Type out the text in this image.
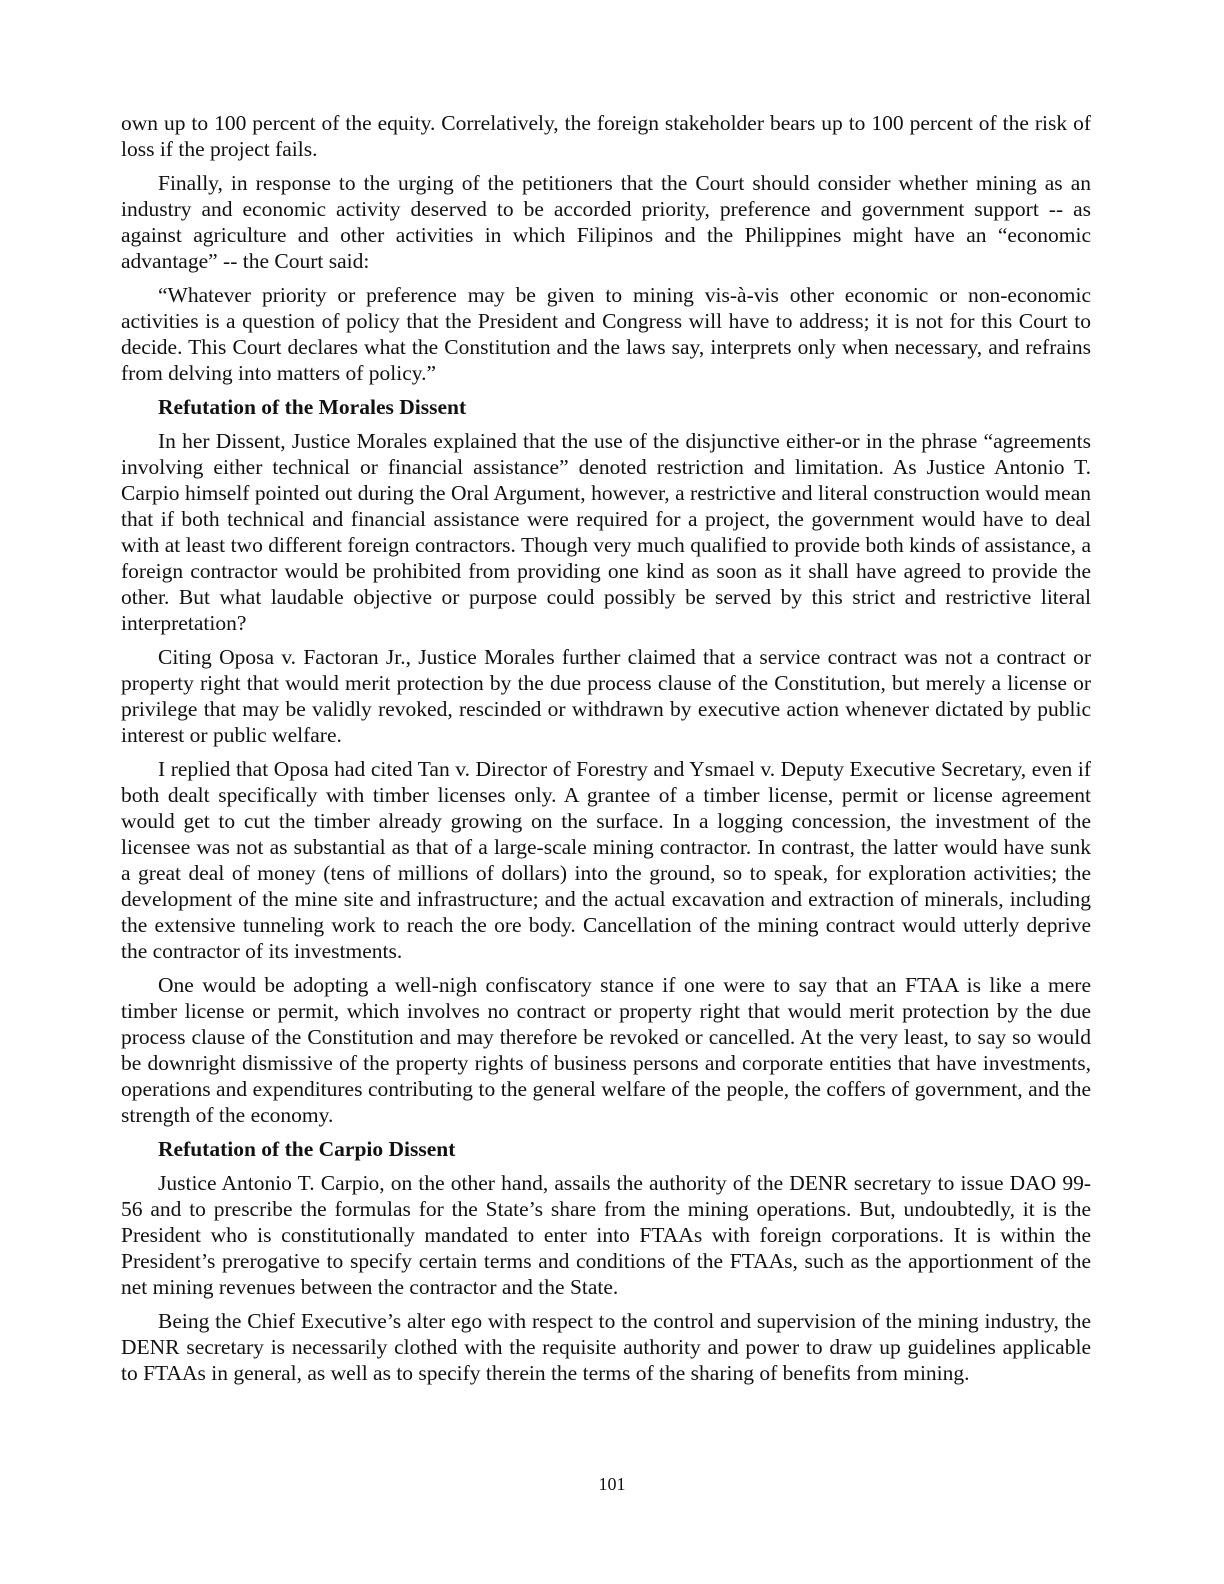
own up to 100 percent of the equity. Correlatively, the foreign stakeholder bears up to 100 percent of the risk of loss if the project fails.

Finally, in response to the urging of the petitioners that the Court should consider whether mining as an industry and economic activity deserved to be accorded priority, preference and government support -- as against agriculture and other activities in which Filipinos and the Philippines might have an “economic advantage” -- the Court said:

“Whatever priority or preference may be given to mining vis-à-vis other economic or non-economic activities is a question of policy that the President and Congress will have to address; it is not for this Court to decide. This Court declares what the Constitution and the laws say, interprets only when necessary, and refrains from delving into matters of policy.”

Refutation of the Morales Dissent

In her Dissent, Justice Morales explained that the use of the disjunctive either-or in the phrase “agreements involving either technical or financial assistance” denoted restriction and limitation. As Justice Antonio T. Carpio himself pointed out during the Oral Argument, however, a restrictive and literal construction would mean that if both technical and financial assistance were required for a project, the government would have to deal with at least two different foreign contractors. Though very much qualified to provide both kinds of assistance, a foreign contractor would be prohibited from providing one kind as soon as it shall have agreed to provide the other. But what laudable objective or purpose could possibly be served by this strict and restrictive literal interpretation?

Citing Oposa v. Factoran Jr., Justice Morales further claimed that a service contract was not a contract or property right that would merit protection by the due process clause of the Constitution, but merely a license or privilege that may be validly revoked, rescinded or withdrawn by executive action whenever dictated by public interest or public welfare.

I replied that Oposa had cited Tan v. Director of Forestry and Ysmael v. Deputy Executive Secretary, even if both dealt specifically with timber licenses only. A grantee of a timber license, permit or license agreement would get to cut the timber already growing on the surface. In a logging concession, the investment of the licensee was not as substantial as that of a large-scale mining contractor. In contrast, the latter would have sunk a great deal of money (tens of millions of dollars) into the ground, so to speak, for exploration activities; the development of the mine site and infrastructure; and the actual excavation and extraction of minerals, including the extensive tunneling work to reach the ore body. Cancellation of the mining contract would utterly deprive the contractor of its investments.

One would be adopting a well-nigh confiscatory stance if one were to say that an FTAA is like a mere timber license or permit, which involves no contract or property right that would merit protection by the due process clause of the Constitution and may therefore be revoked or cancelled. At the very least, to say so would be downright dismissive of the property rights of business persons and corporate entities that have investments, operations and expenditures contributing to the general welfare of the people, the coffers of government, and the strength of the economy.

Refutation of the Carpio Dissent

Justice Antonio T. Carpio, on the other hand, assails the authority of the DENR secretary to issue DAO 99-56 and to prescribe the formulas for the State’s share from the mining operations. But, undoubtedly, it is the President who is constitutionally mandated to enter into FTAAs with foreign corporations. It is within the President’s prerogative to specify certain terms and conditions of the FTAAs, such as the apportionment of the net mining revenues between the contractor and the State.

Being the Chief Executive’s alter ego with respect to the control and supervision of the mining industry, the DENR secretary is necessarily clothed with the requisite authority and power to draw up guidelines applicable to FTAAs in general, as well as to specify therein the terms of the sharing of benefits from mining.

101
